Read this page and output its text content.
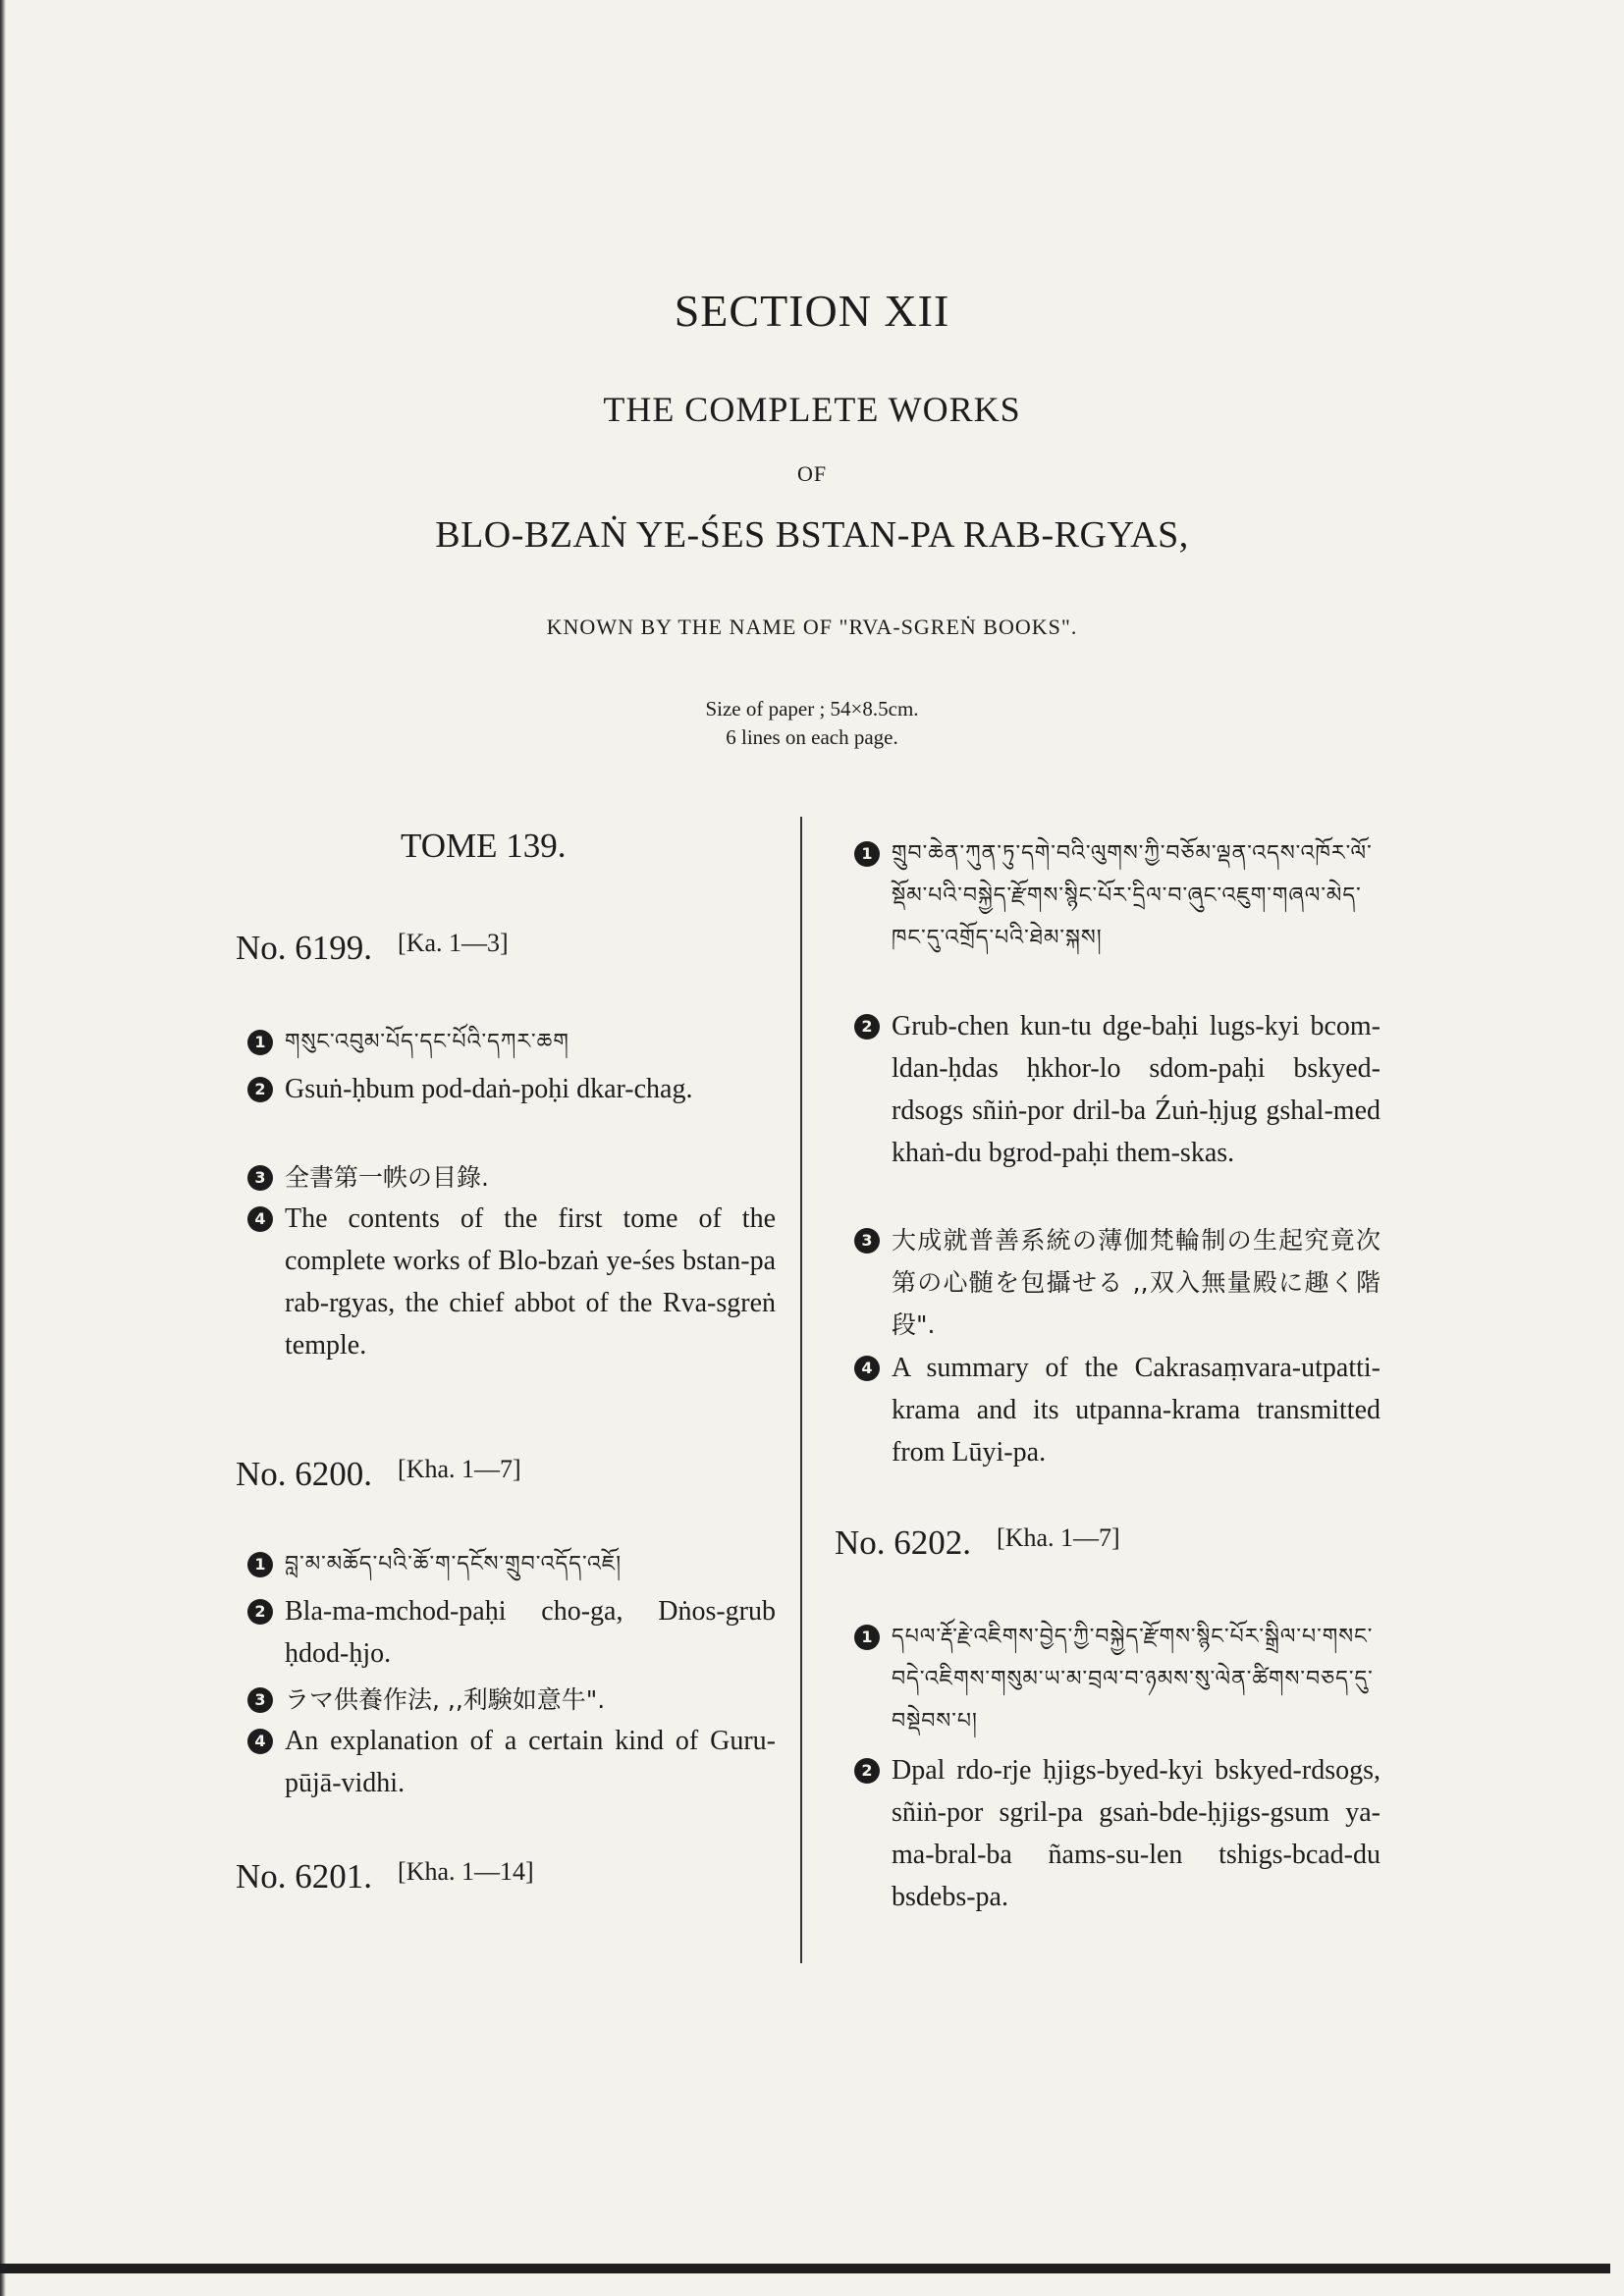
SECTION XII
THE COMPLETE WORKS
OF
BLO-BZAṄ YE-ŚES BSTAN-PA RAB-RGYAS,
KNOWN BY THE NAME OF "RVA-SGREṄ BOOKS".
Size of paper ; 54×8.5cm.
6 lines on each page.
TOME 139.
No. 6199. [Ka. 1—3]
1 གསུང་འབུམ་པོད་དང་པོའི་དཀར་ཆག
2 Gsuṅ-ḥbum pod-daṅ-poḥi dkar-chag.
3 全書第一帙の目錄.
4 The contents of the first tome of the complete works of Blo-bzaṅ ye-śes bstan-pa rab-rgyas, the chief abbot of the Rva-sgreṅ temple.
No. 6200. [Kha. 1—7]
1 བླ་མ་མཆོད་པའི་ཆོ་ག་དངོས་གྲུབ་འདོད་འཇོ།
2 Bla-ma-mchod-paḥi cho-ga, Dṅos-grub ḥdod-ḥjo.
3 ラマ供養作法, ,,利験如意牛".
4 An explanation of a certain kind of Guru-pūjā-vidhi.
No. 6201. [Kha. 1—14]
1 གྲུབ་ཆེན་ཀུན་ཏུ་དགེ་བའི་ལུགས་ཀྱི་བཅོམ་ལྡན་འདས་འཁོར་ལོ་སྡོམ་པའི་བསྐྱེད་རྫོགས་སྙིང་པོར་དྲིལ་བ་ཞུང་འཇུག་གཞལ་མེད་ཁང་དུ་འགྲོད་པའི་ཐེམ་སྐས།
2 Grub-chen kun-tu dge-baḥi lugs-kyi bcom-ldan-ḥdas ḥkhor-lo sdom-paḥi bskyed-rdsogs sñiṅ-por dril-ba Źuṅ-ḥjug gshal-med khaṅ-du bgrod-paḥi them-skas.
3 大成就普善系統の薄伽梵輪制の生起究竟次第の心髄を包攝せる ,,双入無量殿に趣く階段".
4 A summary of the Cakrasaṃvara-utpatti-krama and its utpanna-krama transmitted from Lūyi-pa.
No. 6202. [Kha. 1—7]
1 དཔལ་རྡོ་རྗེ་འཇིགས་བྱེད་ཀྱི་བསྐྱེད་རྫོགས་སྙིང་པོར་སྒྲིལ་པ་གསང་བདེ་འཇིགས་གསུམ་ཡ་མ་བྲལ་བ་ཉམས་སུ་ལེན་ཚིགས་བཅད་དུ་བསྡེབས་པ།
2 Dpal rdo-rje ḥjigs-byed-kyi bskyed-rdsogs, sñiṅ-por sgril-pa gsaṅ-bde-ḥjigs-gsum ya-ma-bral-ba ñams-su-len tshigs-bcad-du bsdebs-pa.
